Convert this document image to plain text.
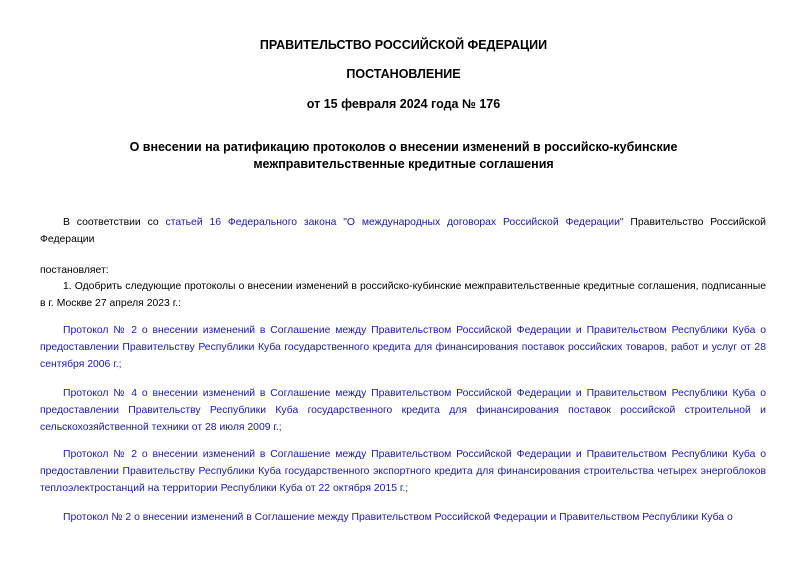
ПРАВИТЕЛЬСТВО РОССИЙСКОЙ ФЕДЕРАЦИИ
ПОСТАНОВЛЕНИЕ
от 15 февраля 2024 года № 176
О внесении на ратификацию протоколов о внесении изменений в российско-кубинские межправительственные кредитные соглашения
В соответствии со статьей 16 Федерального закона "О международных договорах Российской Федерации" Правительство Российской Федерации
постановляет:
1. Одобрить следующие протоколы о внесении изменений в российско-кубинские межправительственные кредитные соглашения, подписанные в г. Москве 27 апреля 2023 г.:
Протокол № 2 о внесении изменений в Соглашение между Правительством Российской Федерации и Правительством Республики Куба о предоставлении Правительству Республики Куба государственного кредита для финансирования поставок российских товаров, работ и услуг от 28 сентября 2006 г.;
Протокол № 4 о внесении изменений в Соглашение между Правительством Российской Федерации и Правительством Республики Куба о предоставлении Правительству Республики Куба государственного кредита для финансирования поставок российской строительной и сельскохозяйственной техники от 28 июля 2009 г.;
Протокол № 2 о внесении изменений в Соглашение между Правительством Российской Федерации и Правительством Республики Куба о предоставлении Правительству Республики Куба государственного экспортного кредита для финансирования строительства четырех энергоблоков теплоэлектростанций на территории Республики Куба от 22 октября 2015 г.;
Протокол № 2 о внесении изменений в Соглашение между Правительством Российской Федерации и Правительством Республики Куба о
